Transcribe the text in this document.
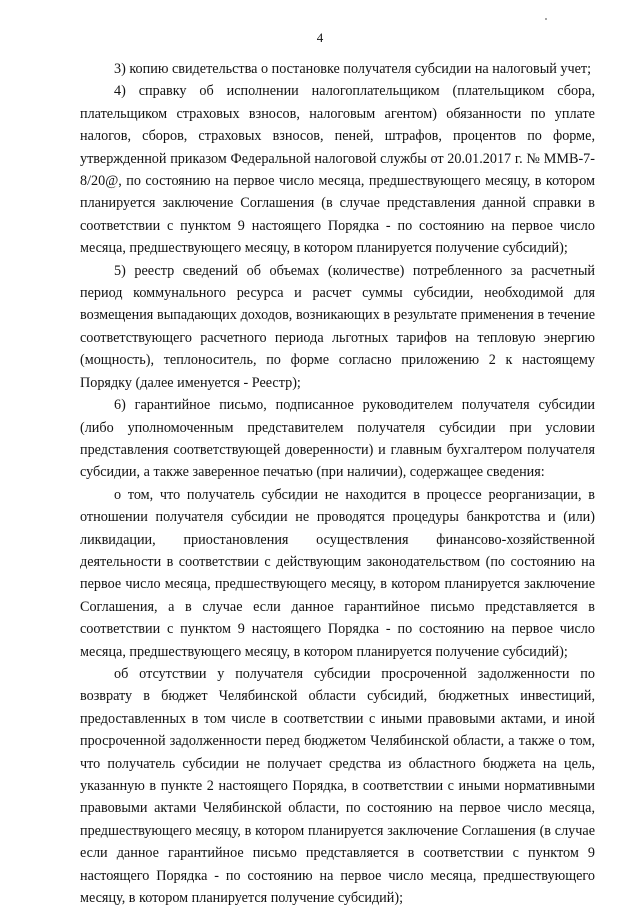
4

3) копию свидетельства о постановке получателя субсидии на налоговый учет;

4) справку об исполнении налогоплательщиком (плательщиком сбора, плательщиком страховых взносов, налоговым агентом) обязанности по уплате налогов, сборов, страховых взносов, пеней, штрафов, процентов по форме, утвержденной приказом Федеральной налоговой службы от 20.01.2017 г. № ММВ-7-8/20@, по состоянию на первое число месяца, предшествующего месяцу, в котором планируется заключение Соглашения (в случае представления данной справки в соответствии с пунктом 9 настоящего Порядка - по состоянию на первое число месяца, предшествующего месяцу, в котором планируется получение субсидий);

5) реестр сведений об объемах (количестве) потребленного за расчетный период коммунального ресурса и расчет суммы субсидии, необходимой для возмещения выпадающих доходов, возникающих в результате применения в течение соответствующего расчетного периода льготных тарифов на тепловую энергию (мощность), теплоноситель, по форме согласно приложению 2 к настоящему Порядку (далее именуется - Реестр);

6) гарантийное письмо, подписанное руководителем получателя субсидии (либо уполномоченным представителем получателя субсидии при условии представления соответствующей доверенности) и главным бухгалтером получателя субсидии, а также заверенное печатью (при наличии), содержащее сведения:

о том, что получатель субсидии не находится в процессе реорганизации, в отношении получателя субсидии не проводятся процедуры банкротства и (или) ликвидации, приостановления осуществления финансово-хозяйственной деятельности в соответствии с действующим законодательством (по состоянию на первое число месяца, предшествующего месяцу, в котором планируется заключение Соглашения, а в случае если данное гарантийное письмо представляется в соответствии с пунктом 9 настоящего Порядка - по состоянию на первое число месяца, предшествующего месяцу, в котором планируется получение субсидий);

об отсутствии у получателя субсидии просроченной задолженности по возврату в бюджет Челябинской области субсидий, бюджетных инвестиций, предоставленных в том числе в соответствии с иными правовыми актами, и иной просроченной задолженности перед бюджетом Челябинской области, а также о том, что получатель субсидии не получает средства из областного бюджета на цель, указанную в пункте 2 настоящего Порядка, в соответствии с иными нормативными правовыми актами Челябинской области, по состоянию на первое число месяца, предшествующего месяцу, в котором планируется заключение Соглашения (в случае если данное гарантийное письмо представляется в соответствии с пунктом 9 настоящего Порядка - по состоянию на первое число месяца, предшествующего месяцу, в котором планируется получение субсидий);
